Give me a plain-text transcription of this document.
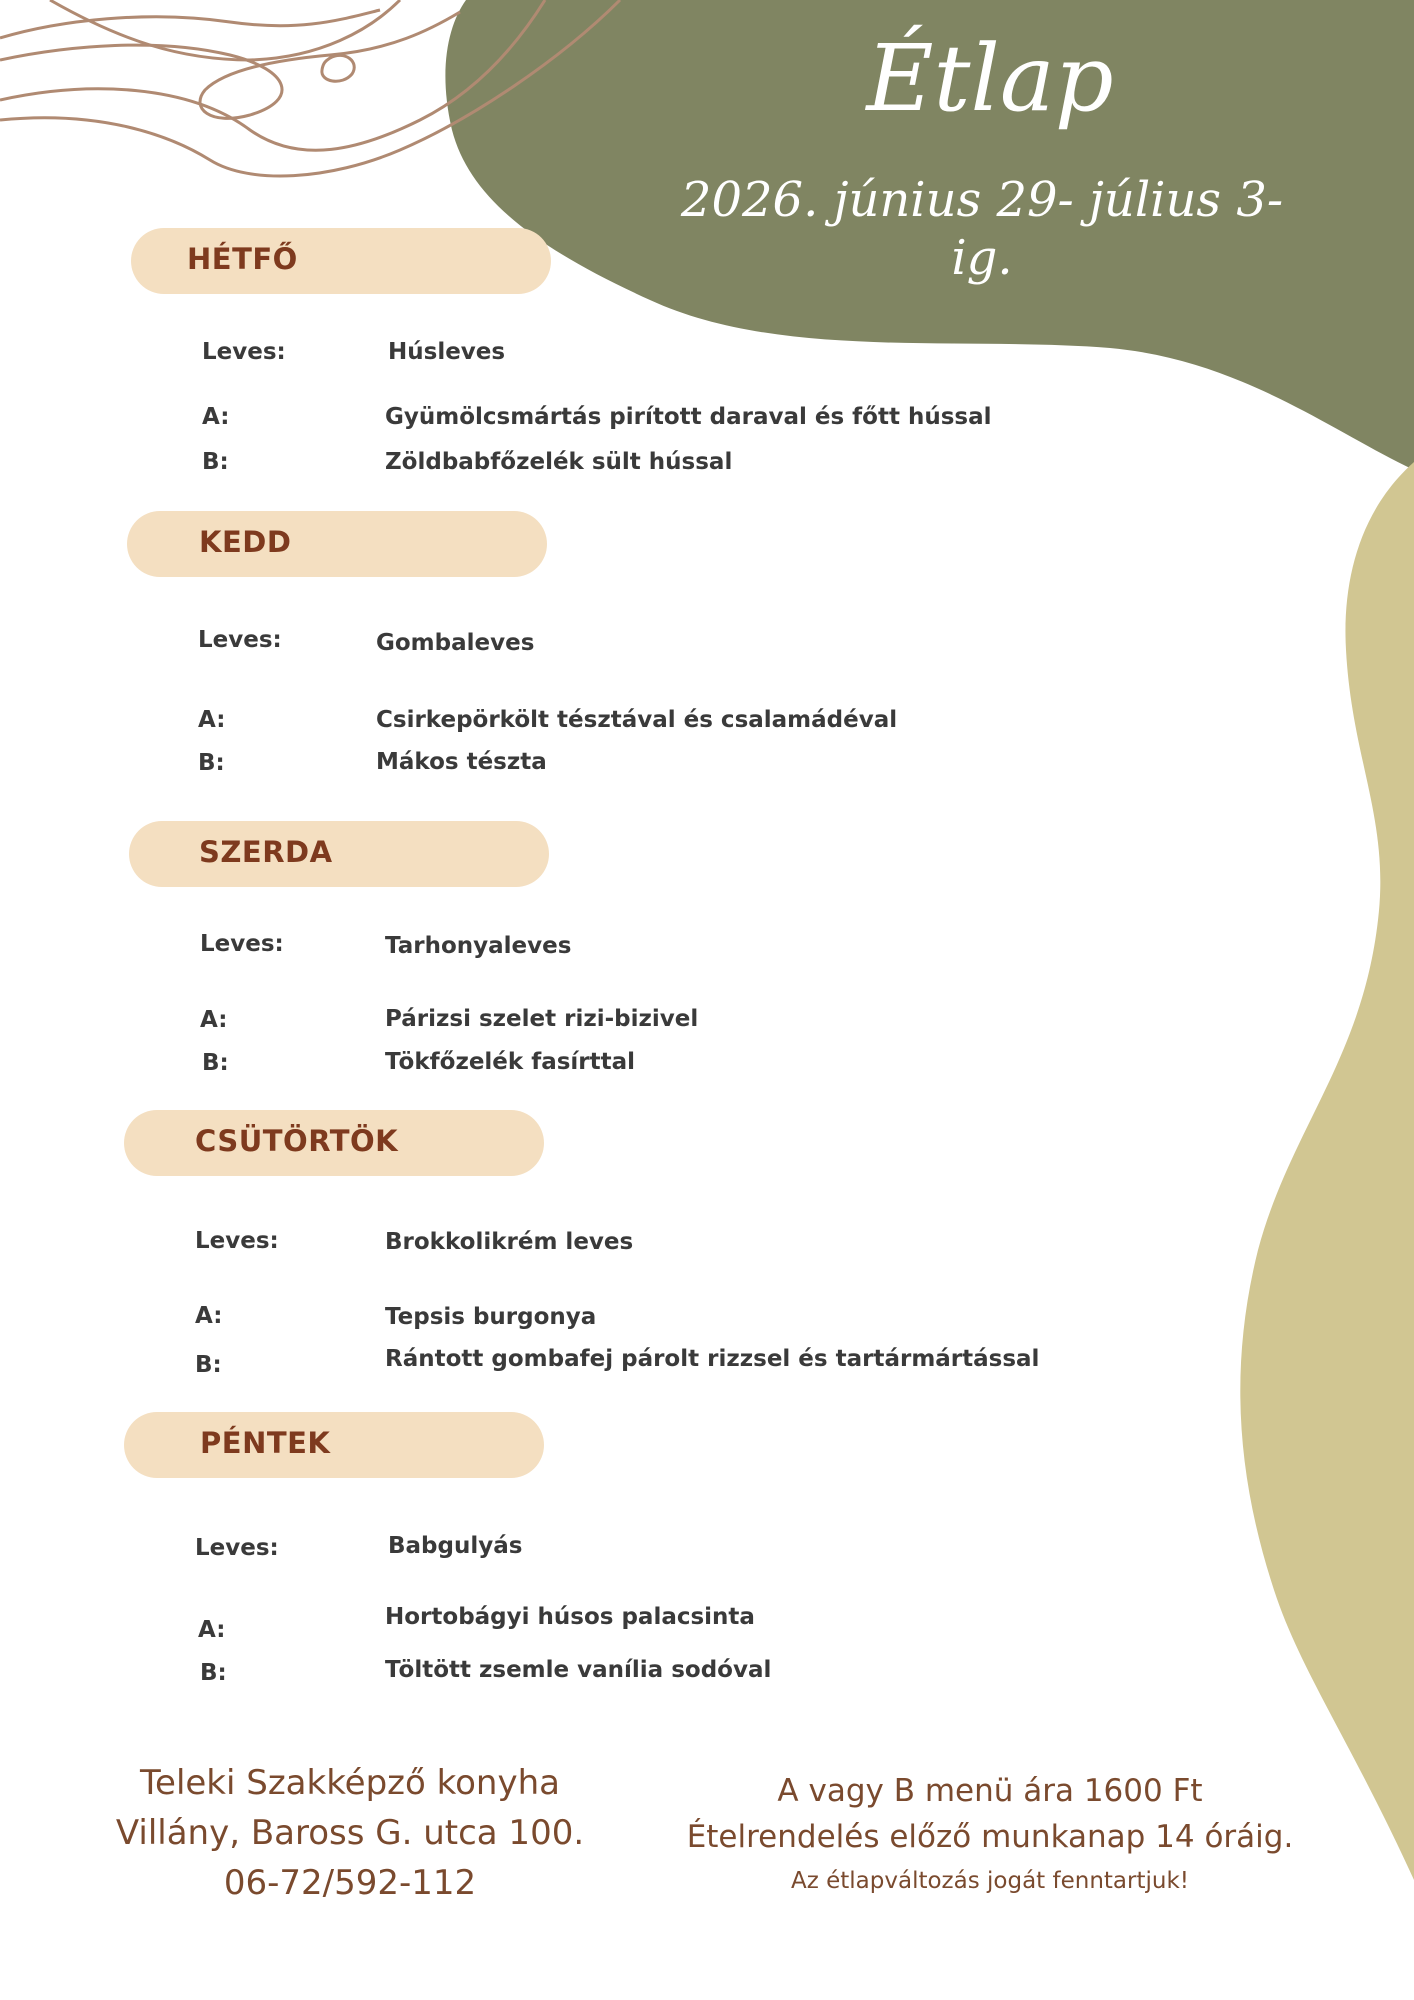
Étlap
2026. június 29- július 3-ig.
HÉTFŐ
Leves:	Húsleves
A:	Gyümölcsmártás pirított daraval és főtt hússal
B:	Zöldbabfőzelék sült hússal
KEDD
Leves:	Gombaleves
A:	Csirkepörkölt tésztával és csalamádéval
B:	Mákos tészta
SZERDA
Leves:	Tarhonyaleves
A:	Párizsi szelet rizi-bizivel
B:	Tökfőzelék fasírttal
CSÜTÖRTÖK
Leves:	Brokkolikrém leves
A:	Tepsis burgonya
B:	Rántott gombafej párolt rizzsel és tartármártással
PÉNTEK
Leves:	Babgulyás
A:	Hortobágyi húsos palacsinta
B:	Töltött zsemle vanília sodóval
Teleki Szakképző konyha
Villány, Baross G. utca 100.
06-72/592-112
A vagy B menü ára 1600 Ft
Ételrendelés előző munkanap 14 óráig.
Az étlapváltozás jogát fenntartjuk!
